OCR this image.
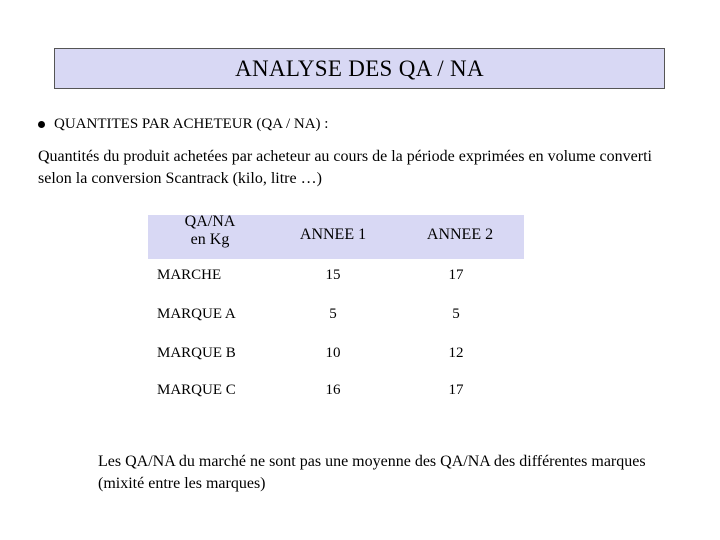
ANALYSE DES QA / NA
QUANTITES PAR ACHETEUR (QA / NA) :
Quantités du produit achetées par acheteur au cours de la période exprimées en volume converti selon la conversion Scantrack (kilo, litre …)
QA/NA
en Kg	ANNEE 1	ANNEE 2
MARCHE	15	17
MARQUE A	5	5
MARQUE B	10	12
MARQUE C	16	17
Les QA/NA du marché ne sont pas une moyenne des QA/NA des différentes marques (mixité entre les marques)
